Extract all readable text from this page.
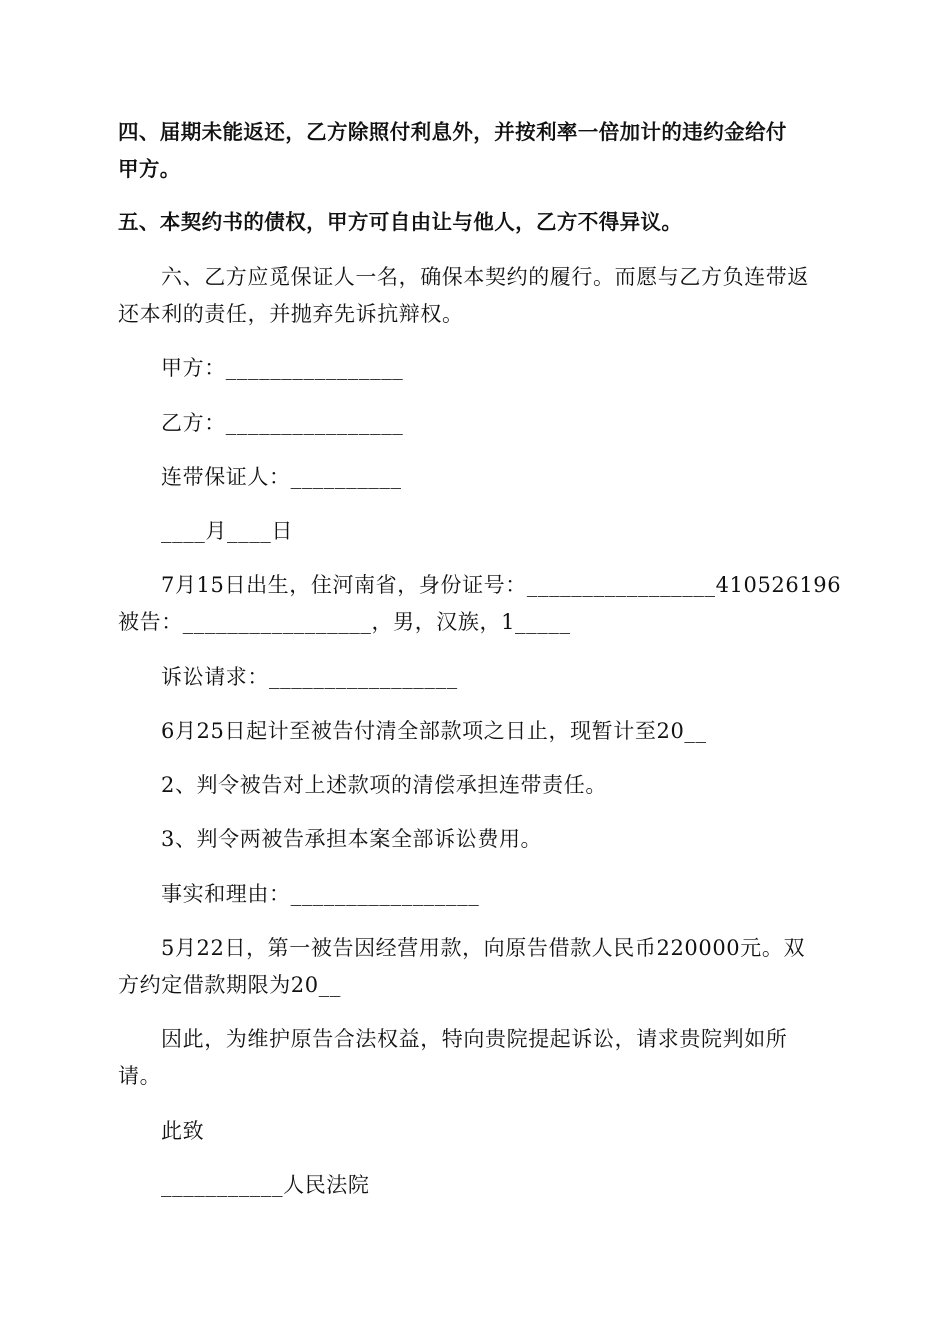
四、届期未能返还，乙方除照付利息外，并按利率一倍加计的违约金给付
甲方。
五、本契约书的债权，甲方可自由让与他人，乙方不得异议。
六、乙方应觅保证人一名，确保本契约的履行。而愿与乙方负连带返
还本利的责任，并抛弃先诉抗辩权。
甲方：________________
乙方：________________
连带保证人：__________
____月____日
7月15日出生，住河南省，身份证号：_________________410526196
被告：_________________，男，汉族，1_____
诉讼请求：_________________
6月25日起计至被告付清全部款项之日止，现暂计至20__
2、判令被告对上述款项的清偿承担连带责任。
3、判令两被告承担本案全部诉讼费用。
事实和理由：_________________
5月22日，第一被告因经营用款，向原告借款人民币220000元。双
方约定借款期限为20__
因此，为维护原告合法权益，特向贵院提起诉讼，请求贵院判如所
请。
此致
___________人民法院
